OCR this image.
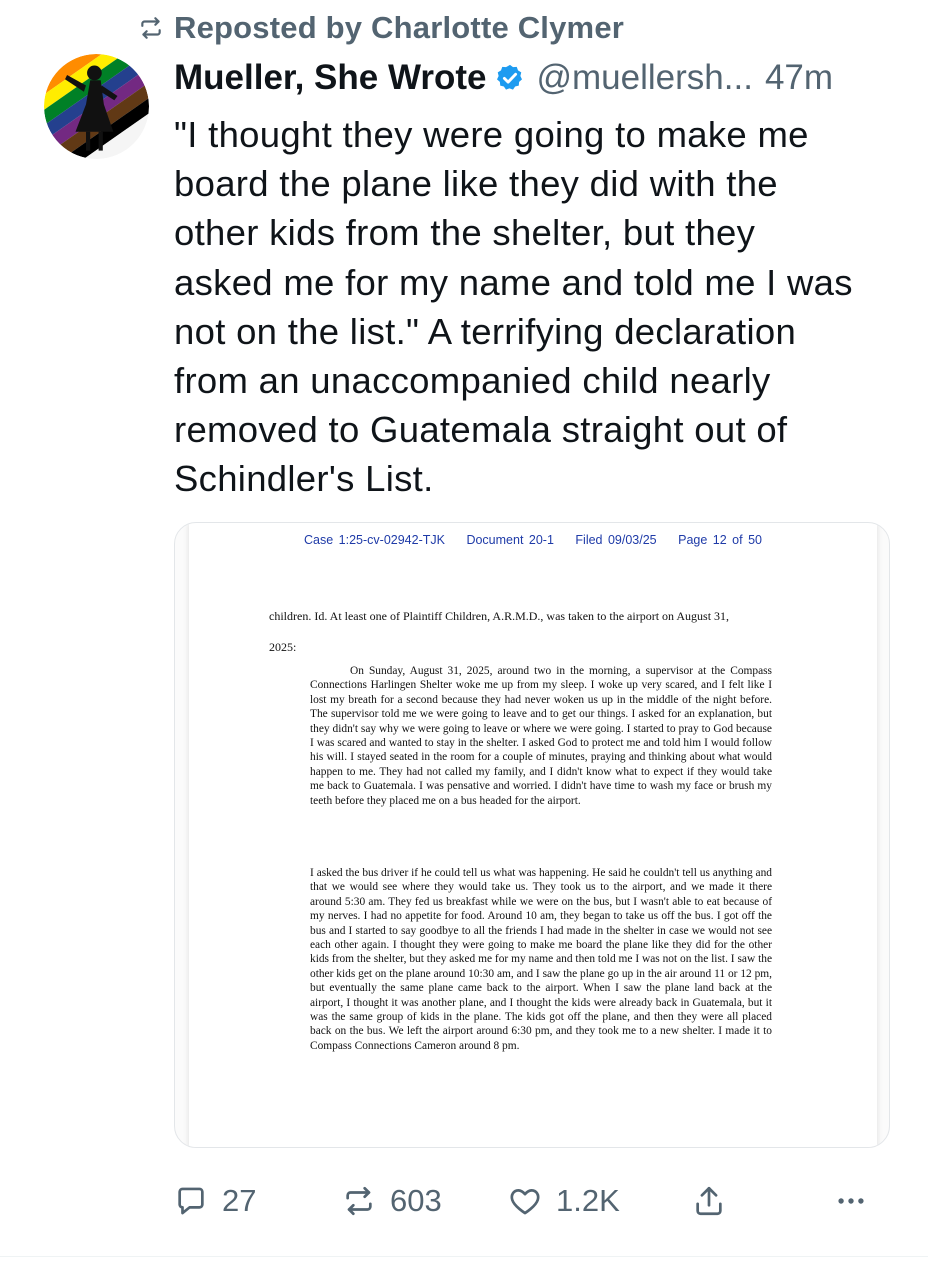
Reposted by Charlotte Clymer
Mueller, She Wrote @muellersh... 47m
"I thought they were going to make me board the plane like they did with the other kids from the shelter, but they asked me for my name and told me I was not on the list." A terrifying declaration from an unaccompanied child nearly removed to Guatemala straight out of Schindler's List.
Case 1:25-cv-02942-TJK Document 20-1 Filed 09/03/25 Page 12 of 50
children. Id. At least one of Plaintiff Children, A.R.M.D., was taken to the airport on August 31,
2025:
On Sunday, August 31, 2025, around two in the morning, a supervisor at the Compass Connections Harlingen Shelter woke me up from my sleep. I woke up very scared, and I felt like I lost my breath for a second because they had never woken us up in the middle of the night before. The supervisor told me we were going to leave and to get our things. I asked for an explanation, but they didn't say why we were going to leave or where we were going. I started to pray to God because I was scared and wanted to stay in the shelter. I asked God to protect me and told him I would follow his will. I stayed seated in the room for a couple of minutes, praying and thinking about what would happen to me. They had not called my family, and I didn't know what to expect if they would take me back to Guatemala. I was pensative and worried. I didn't have time to wash my face or brush my teeth before they placed me on a bus headed for the airport.
I asked the bus driver if he could tell us what was happening. He said he couldn't tell us anything and that we would see where they would take us. They took us to the airport, and we made it there around 5:30 am. They fed us breakfast while we were on the bus, but I wasn't able to eat because of my nerves. I had no appetite for food. Around 10 am, they began to take us off the bus. I got off the bus and I started to say goodbye to all the friends I had made in the shelter in case we would not see each other again. I thought they were going to make me board the plane like they did for the other kids from the shelter, but they asked me for my name and then told me I was not on the list. I saw the other kids get on the plane around 10:30 am, and I saw the plane go up in the air around 11 or 12 pm, but eventually the same plane came back to the airport. When I saw the plane land back at the airport, I thought it was another plane, and I thought the kids were already back in Guatemala, but it was the same group of kids in the plane. The kids got off the plane, and then they were all placed back on the bus. We left the airport around 6:30 pm, and they took me to a new shelter. I made it to Compass Connections Cameron around 8 pm.
27	603	1.2K
